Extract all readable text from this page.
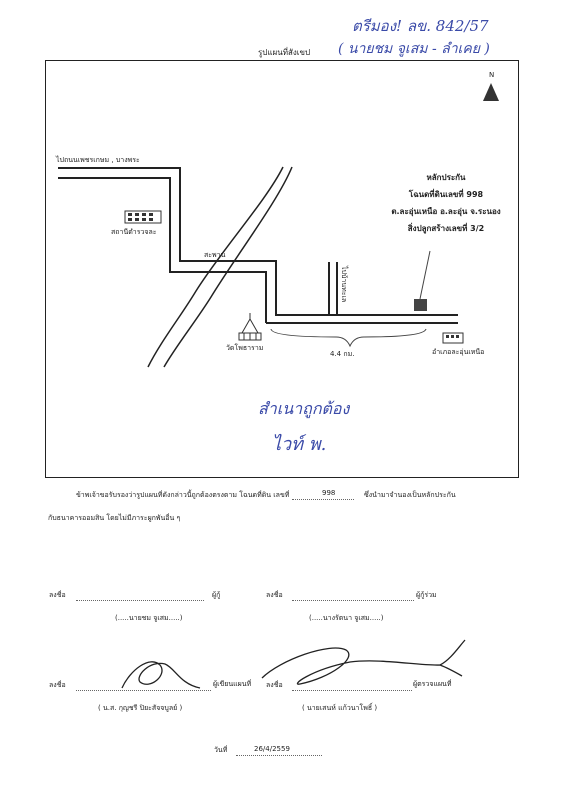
ตรีมอง! ลข. 842/57
( นายชม จูเสม - ลำเคย )
รูปแผนที่สังเขป
N
ไปถนนเพชรเกษม , บางพระ
สถานีตำรวจละ
สะพาน
ไปบ้านทะเล
วัดโพธาราม
4.4 กม.	อำเภอละอุ่นเหนือ
หลักประกัน
โฉนดที่ดินเลขที่ 998
ต.ละอุ่นเหนือ อ.ละอุ่น จ.ระนอง
สิ่งปลูกสร้างเลขที่ 3/2
สำเนาถูกต้อง
ไวท์ พ.
ข้าพเจ้าขอรับรองว่ารูปแผนที่ดังกล่าวนี้ถูกต้องตรงตาม โฉนดที่ดิน เลขที่	998	ซึ่งนำมาจำนองเป็นหลักประกัน
กับธนาคารออมสิน โดยไม่มีภาระผูกพันอื่น ๆ
ลงชื่อ	ผู้กู้
(.....นายชม จูเสม.....)
ลงชื่อ	ผู้กู้ร่วม
(.....นางรัตนา จูเสม.....)
ลงชื่อ	ผู้เขียนแผนที่
( น.ส. กุญชรี ปิยะสัจจบูลย์ )
ลงชื่อ	ผู้ตรวจแผนที่
( นายเสนห์ แก้วนาโพธิ์ )
วันที่	26/4/2559
